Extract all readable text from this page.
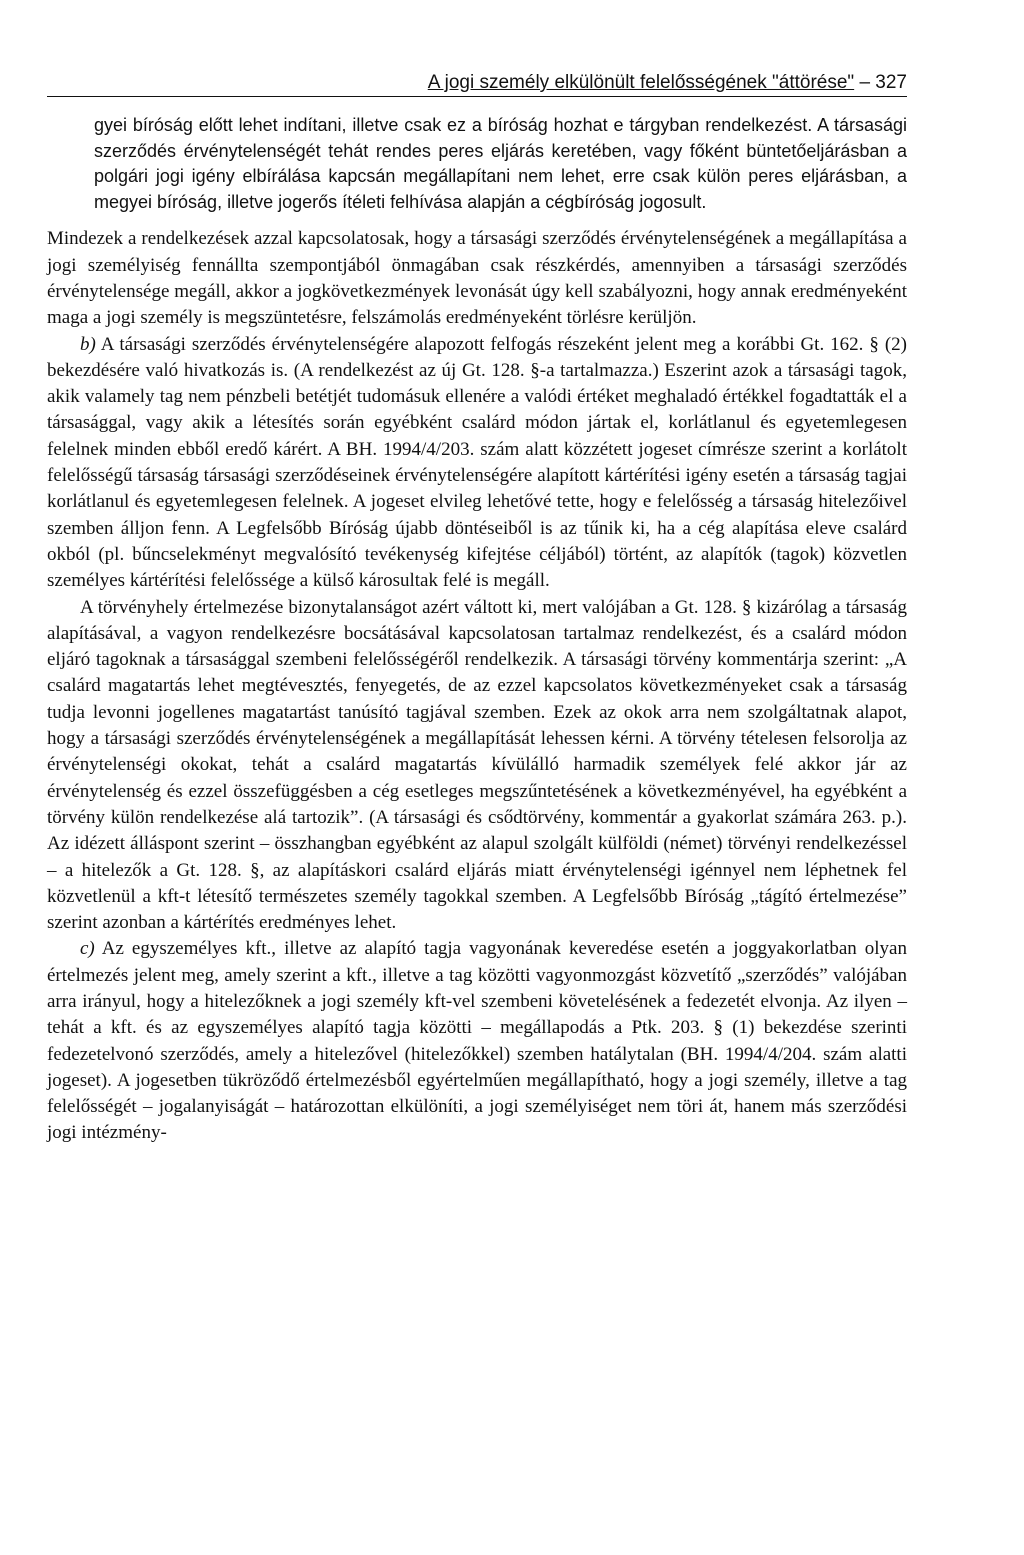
A jogi személy elkülönült felelősségének "áttörése" – 327
gyei bíróság előtt lehet indítani, illetve csak ez a bíróság hozhat e tárgyban rendelkezést. A társasági szerződés érvénytelenségét tehát rendes peres eljárás keretében, vagy főként büntetőeljárásban a polgári jogi igény elbírálása kapcsán megállapítani nem lehet, erre csak külön peres eljárásban, a megyei bíróság, illetve jogerős ítéleti felhívása alapján a cégbíróság jogosult.

Mindezek a rendelkezések azzal kapcsolatosak, hogy a társasági szerződés érvénytelenségének a megállapítása a jogi személyiség fennállta szempontjából önmagában csak részkérdés, amennyiben a társasági szerződés érvénytelensége megáll, akkor a jogkövetkezmények levonását úgy kell szabályozni, hogy annak eredményeként maga a jogi személy is megszüntetésre, felszámolás eredményeként törlésre kerüljön.

b) A társasági szerződés érvénytelenségére alapozott felfogás részeként jelent meg a korábbi Gt. 162. § (2) bekezdésére való hivatkozás is. (A rendelkezést az új Gt. 128. §-a tartalmazza.) Eszerint azok a társasági tagok, akik valamely tag nem pénzbeli betétjét tudomásuk ellenére a valódi értéket meghaladó értékkel fogadtatták el a társasággal, vagy akik a létesítés során egyébként csalárd módon jártak el, korlátlanul és egyetemlegesen felelnek minden ebből eredő kárért. A BH. 1994/4/203. szám alatt közzétett jogeset címrésze szerint a korlátolt felelősségű társaság társasági szerződéseinek érvénytelenségére alapított kártérítési igény esetén a társaság tagjai korlátlanul és egyetemlegesen felelnek. A jogeset elvileg lehetővé tette, hogy e felelősség a társaság hitelezőivel szemben álljon fenn. A Legfelsőbb Bíróság újabb döntéseiből is az tűnik ki, ha a cég alapítása eleve csalárd okból (pl. bűncselekményt megvalósító tevékenység kifejtése céljából) történt, az alapítók (tagok) közvetlen személyes kártérítési felelőssége a külső károsultak felé is megáll.

A törvényhely értelmezése bizonytalanságot azért váltott ki, mert valójában a Gt. 128. § kizárólag a társaság alapításával, a vagyon rendelkezésre bocsátásával kapcsolatosan tartalmaz rendelkezést, és a csalárd módon eljáró tagoknak a társasággal szembeni felelősségéről rendelkezik. A társasági törvény kommentárja szerint: „A csalárd magatartás lehet megtévesztés, fenyegetés, de az ezzel kapcsolatos következményeket csak a társaság tudja levonni jogellenes magatartást tanúsító tagjával szemben. Ezek az okok arra nem szolgáltatnak alapot, hogy a társasági szerződés érvénytelenségének a megállapítását lehessen kérni. A törvény tételesen felsorolja az érvénytelenségi okokat, tehát a csalárd magatartás kívülálló harmadik személyek felé akkor jár az érvénytelenség és ezzel összefüggésben a cég esetleges megszűntetésének a következményével, ha egyébként a törvény külön rendelkezése alá tartozik”. (A társasági és csődtörvény, kommentár a gyakorlat számára 263. p.). Az idézett álláspont szerint – összhangban egyébként az alapul szolgált külföldi (német) törvényi rendelkezéssel – a hitelezők a Gt. 128. §, az alapításkori csalárd eljárás miatt érvénytelenségi igénnyel nem léphetnek fel közvetlenül a kft-t létesítő természetes személy tagokkal szemben. A Legfelsőbb Bíróság „tágító értelmezése” szerint azonban a kártérítés eredményes lehet.

c) Az egyszemélyes kft., illetve az alapító tagja vagyonának keveredése esetén a joggyakorlatban olyan értelmezés jelent meg, amely szerint a kft., illetve a tag közötti vagyonmozgást közvetítő „szerződés” valójában arra irányul, hogy a hitelezőknek a jogi személy kft-vel szembeni követelésének a fedezetét elvonja. Az ilyen – tehát a kft. és az egyszemélyes alapító tagja közötti – megállapodás a Ptk. 203. § (1) bekezdése szerinti fedezetelvonó szerződés, amely a hitelezővel (hitelezőkkel) szemben hatálytalan (BH. 1994/4/204. szám alatti jogeset). A jogesetben tükröződő értelmezésből egyértelműen megállapítható, hogy a jogi személy, illetve a tag felelősségét – jogalanyiságát – határozottan elkülöníti, a jogi személyiséget nem töri át, hanem más szerződési jogi intézmény-
